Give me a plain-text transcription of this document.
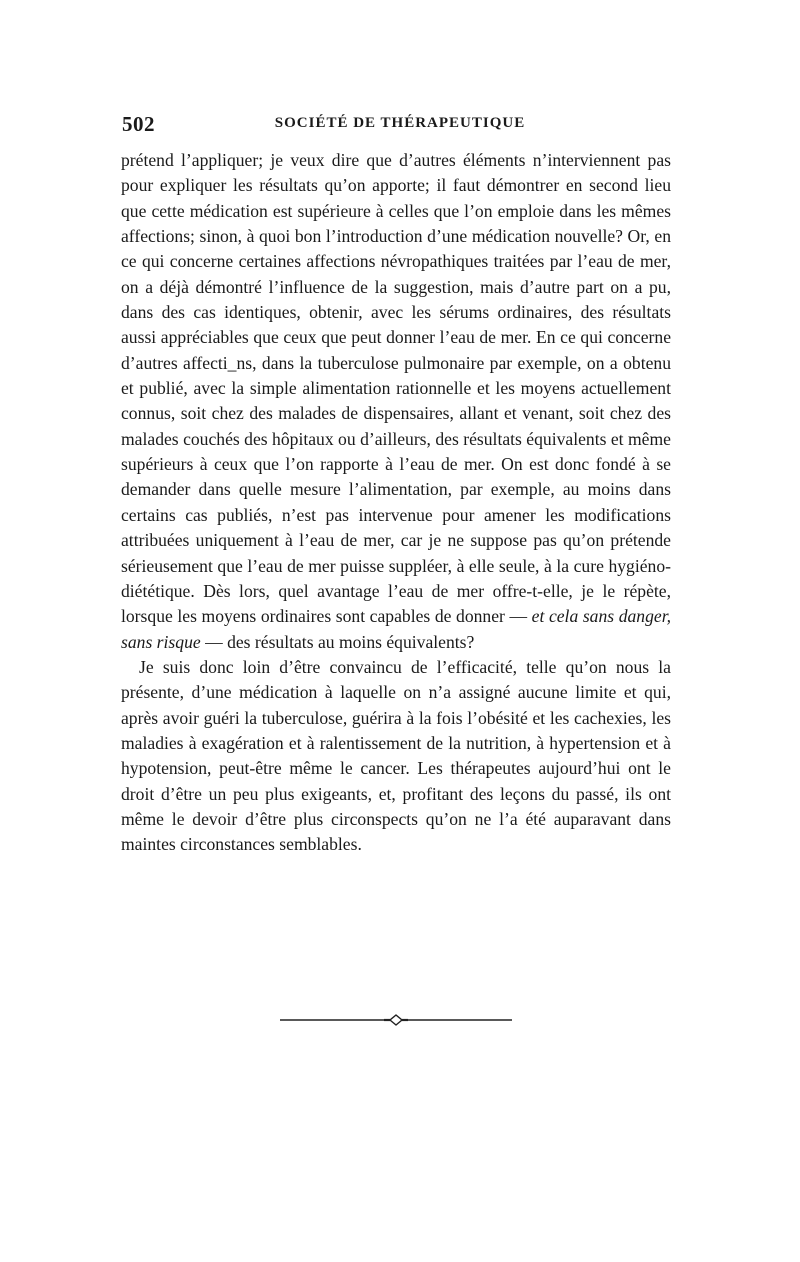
502	SOCIÉTÉ DE THÉRAPEUTIQUE

prétend l’appliquer; je veux dire que d’autres éléments n’interviennent pas pour expliquer les résultats qu’on apporte; il faut démontrer en second lieu que cette médication est supérieure à celles que l’on emploie dans les mêmes affections; sinon, à quoi bon l’introduction d’une médication nouvelle? Or, en ce qui concerne certaines affections névropathiques traitées par l’eau de mer, on a déjà démontré l’influence de la suggestion, mais d’autre part on a pu, dans des cas identiques, obtenir, avec les sérums ordinaires, des résultats aussi appréciables que ceux que peut donner l’eau de mer. En ce qui concerne d’autres affecti_ns, dans la tuberculose pulmonaire par exemple, on a obtenu et publié, avec la simple alimentation rationnelle et les moyens actuellement connus, soit chez des malades de dispensaires, allant et venant, soit chez des malades couchés des hôpitaux ou d’ailleurs, des résultats équivalents et même supérieurs à ceux que l’on rapporte à l’eau de mer. On est donc fondé à se demander dans quelle mesure l’alimentation, par exemple, au moins dans certains cas publiés, n’est pas intervenue pour amener les modifications attribuées uniquement à l’eau de mer, car je ne suppose pas qu’on prétende sérieusement que l’eau de mer puisse suppléer, à elle seule, à la cure hygiéno-diététique. Dès lors, quel avantage l’eau de mer offre-t-elle, je le répète, lorsque les moyens ordinaires sont capables de donner — et cela sans danger, sans risque — des résultats au moins équivalents?

Je suis donc loin d’être convaincu de l’efficacité, telle qu’on nous la présente, d’une médication à laquelle on n’a assigné aucune limite et qui, après avoir guéri la tuberculose, guérira à la fois l’obésité et les cachexies, les maladies à exagération et à ralentissement de la nutrition, à hypertension et à hypotension, peut-être même le cancer. Les thérapeutes aujourd’hui ont le droit d’être un peu plus exigeants, et, profitant des leçons du passé, ils ont même le devoir d’être plus circonspects qu’on ne l’a été auparavant dans maintes circonstances semblables.
